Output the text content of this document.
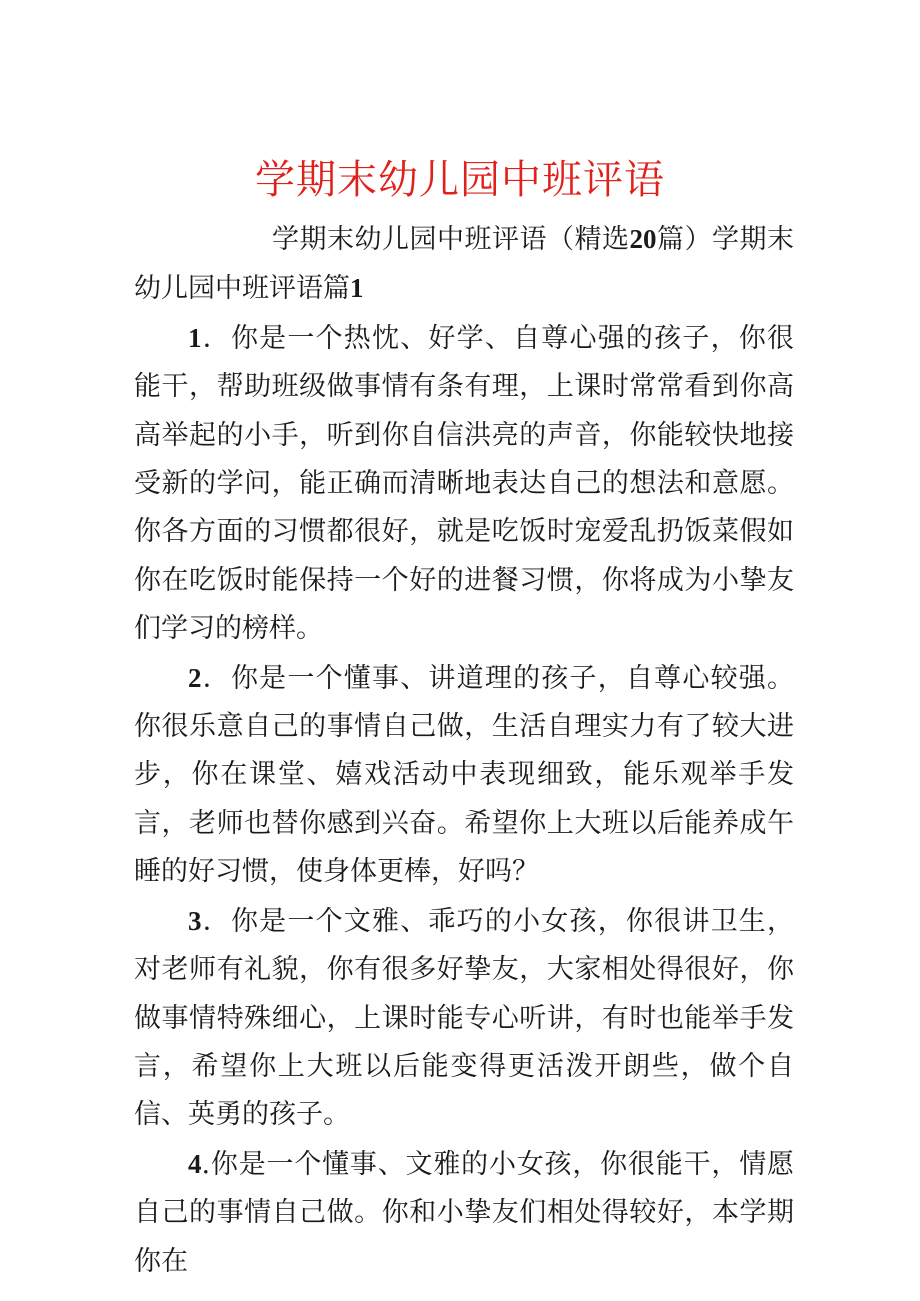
学期末幼儿园中班评语

学期末幼儿园中班评语（精选20篇）学期末幼儿园中班评语篇1

1．你是一个热忱、好学、自尊心强的孩子，你很能干，帮助班级做事情有条有理，上课时常常看到你高高举起的小手，听到你自信洪亮的声音，你能较快地接受新的学问，能正确而清晰地表达自己的想法和意愿。你各方面的习惯都很好，就是吃饭时宠爱乱扔饭菜假如你在吃饭时能保持一个好的进餐习惯，你将成为小挚友们学习的榜样。

2．你是一个懂事、讲道理的孩子，自尊心较强。你很乐意自己的事情自己做，生活自理实力有了较大进步，你在课堂、嬉戏活动中表现细致，能乐观举手发言，老师也替你感到兴奋。希望你上大班以后能养成午睡的好习惯，使身体更棒，好吗？

3．你是一个文雅、乖巧的小女孩，你很讲卫生，对老师有礼貌，你有很多好挚友，大家相处得很好，你做事情特殊细心，上课时能专心听讲，有时也能举手发言，希望你上大班以后能变得更活泼开朗些，做个自信、英勇的孩子。

4.你是一个懂事、文雅的小女孩，你很能干，情愿自己的事情自己做。你和小挚友们相处得较好，本学期你在
